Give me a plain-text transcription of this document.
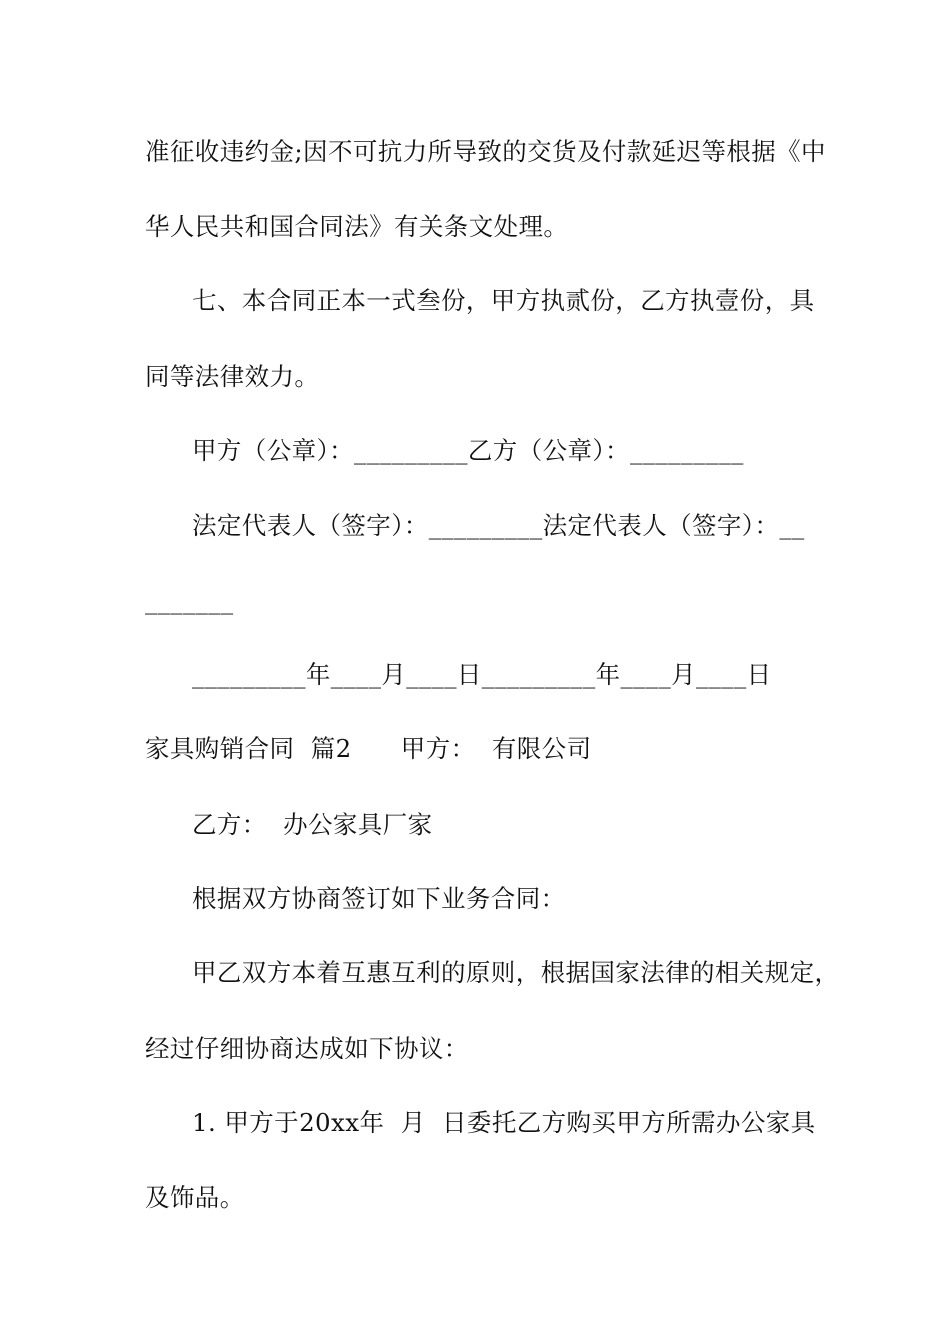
准征收违约金;因不可抗力所导致的交货及付款延迟等根据《中
华人民共和国合同法》有关条文处理。
七、本合同正本一式叁份，甲方执贰份，乙方执壹份，具
同等法律效力。
甲方（公章）：_________乙方（公章）：_________
法定代表人（签字）：_________法定代表人（签字）：__
_______
_________年____月____日_________年____月____日
家具购销合同  篇2      甲方：  有限公司
乙方：  办公家具厂家
根据双方协商签订如下业务合同：
甲乙双方本着互惠互利的原则，根据国家法律的相关规定，
经过仔细协商达成如下协议：
1. 甲方于20xx年  月  日委托乙方购买甲方所需办公家具
及饰品。
